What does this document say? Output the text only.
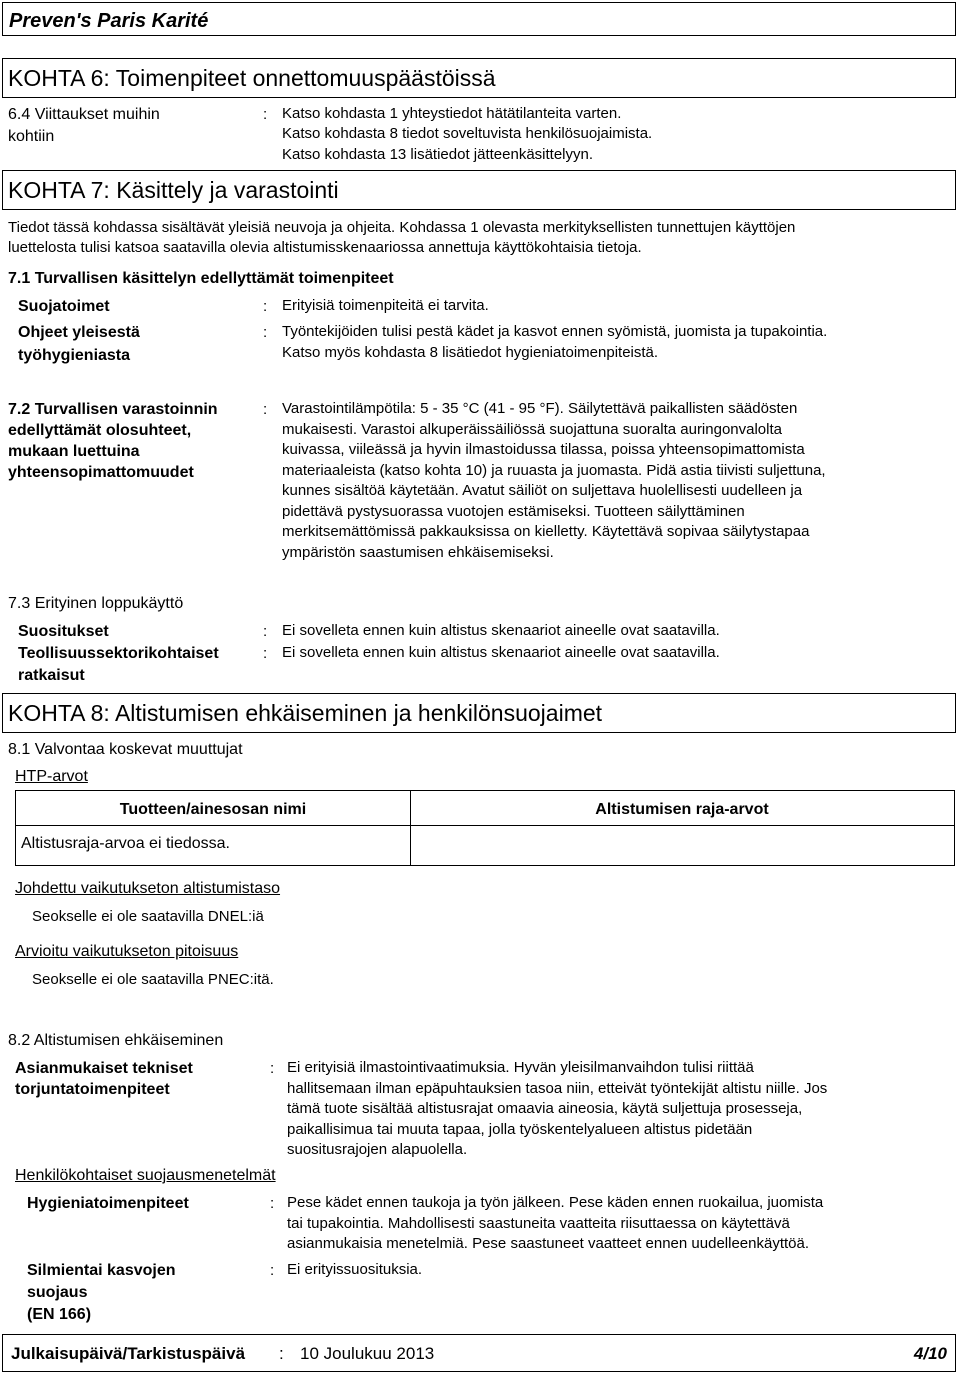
Preven's Paris Karité
KOHTA 6: Toimenpiteet onnettomuuspäästöissä
6.4 Viittaukset muihin
kohtiin
: Katso kohdasta 1 yhteystiedot hätätilanteita varten.
Katso kohdasta 8 tiedot soveltuvista henkilösuojaimista.
Katso kohdasta 13 lisätiedot jätteenkäsittelyyn.
KOHTA 7: Käsittely ja varastointi
Tiedot tässä kohdassa sisältävät yleisiä neuvoja ja ohjeita. Kohdassa 1 olevasta merkityksellisten tunnettujen käyttöjen
luettelosta tulisi katsoa saatavilla olevia altistumisskenaariossa annettuja käyttökohtaisia tietoja.
7.1 Turvallisen käsittelyn edellyttämät toimenpiteet
Suojatoimet	: Erityisiä toimenpiteitä ei tarvita.
Ohjeet yleisestä
työhygieniasta
: Työntekijöiden tulisi pestä kädet ja kasvot ennen syömistä, juomista ja tupakointia.
Katso myös kohdasta 8 lisätiedot hygieniatoimenpiteistä.
7.2 Turvallisen varastoinnin
edellyttämät olosuhteet,
mukaan luettuina
yhteensopimattomuudet
: Varastointilämpötila: 5 - 35 °C (41 - 95 °F). Säilytettävä paikallisten säädösten
mukaisesti. Varastoi alkuperäissäiliössä suojattuna suoralta auringonvalolta
kuivassa, viileässä ja hyvin ilmastoidussa tilassa, poissa yhteensopimattomista
materiaaleista (katso kohta 10) ja ruuasta ja juomasta. Pidä astia tiivisti suljettuna,
kunnes sisältöä käytetään. Avatut säiliöt on suljettava huolellisesti uudelleen ja
pidettävä pystysuorassa vuotojen estämiseksi. Tuotteen säilyttäminen
merkitsemättömissä pakkauksissa on kielletty. Käytettävä sopivaa säilytystapaa
ympäristön saastumisen ehkäisemiseksi.
7.3 Erityinen loppukäyttö
Suositukset	: Ei sovelleta ennen kuin altistus skenaariot aineelle ovat saatavilla.
Teollisuussektorikohtaiset
ratkaisut
: Ei sovelleta ennen kuin altistus skenaariot aineelle ovat saatavilla.
KOHTA 8: Altistumisen ehkäiseminen ja henkilönsuojaimet
8.1 Valvontaa koskevat muuttujat
HTP-arvot
Tuotteen/ainesosan nimi	Altistumisen raja-arvot
Altistusraja-arvoa ei tiedossa.
Johdettu vaikutukseton altistumistaso
Seokselle ei ole saatavilla DNEL:iä
Arvioitu vaikutukseton pitoisuus
Seokselle ei ole saatavilla PNEC:itä.
8.2 Altistumisen ehkäiseminen
Asianmukaiset tekniset
torjuntatoimenpiteet
: Ei erityisiä ilmastointivaatimuksia. Hyvän yleisilmanvaihdon tulisi riittää
hallitsemaan ilman epäpuhtauksien tasoa niin, etteivät työntekijät altistu niille. Jos
tämä tuote sisältää altistusrajat omaavia aineosia, käytä suljettuja prosesseja,
paikallisimua tai muuta tapaa, jolla työskentelyalueen altistus pidetään
suositusrajojen alapuolella.
Henkilökohtaiset suojausmenetelmät
Hygieniatoimenpiteet	: Pese kädet ennen taukoja ja työn jälkeen. Pese käden ennen ruokailua, juomista
tai tupakointia. Mahdollisesti saastuneita vaatteita riisuttaessa on käytettävä
asianmukaisia menetelmiä. Pese saastuneet vaatteet ennen uudelleenkäyttöä.
Silmientai kasvojen
suojaus
(EN 166)
: Ei erityissuosituksia.
Julkaisupäivä/Tarkistuspäivä : 10 Joulukuu 2013	4/10
